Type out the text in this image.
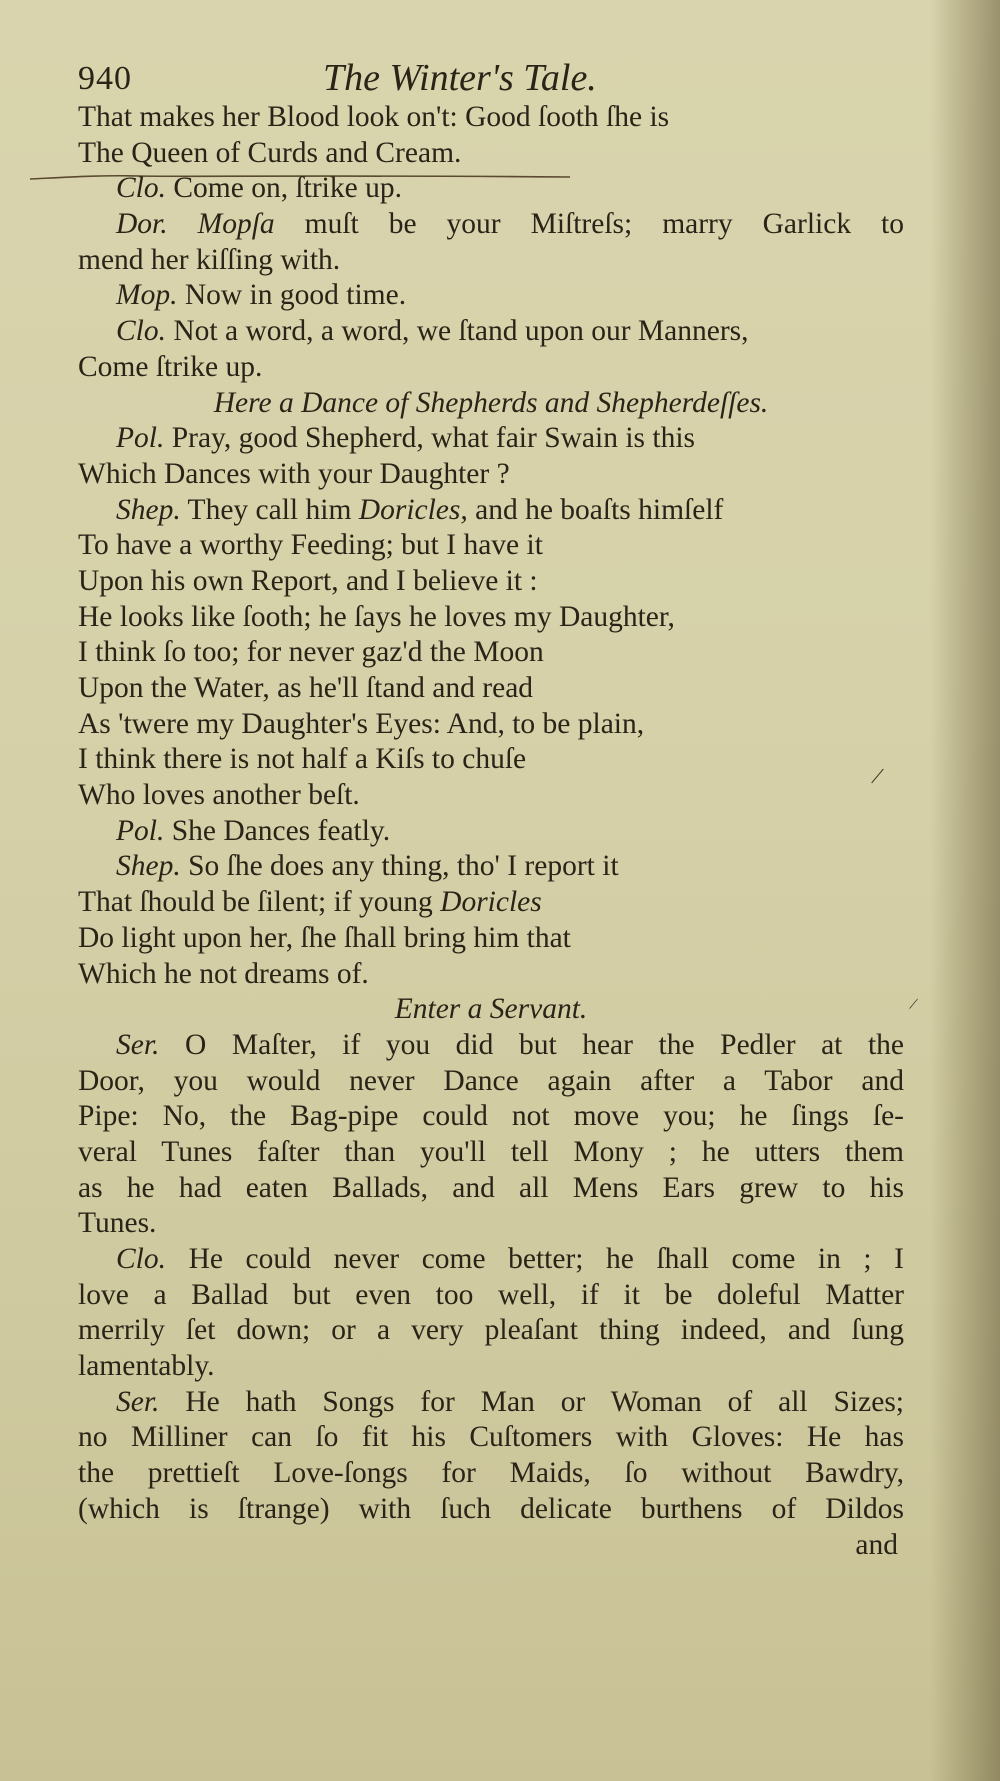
940	The Winter's Tale.
That makes her Blood look on't: Good ſooth ſhe is
The Queen of Curds and Cream.
Clo. Come on, ſtrike up.
Dor. Mopſa muſt be your Miſtreſs; marry Garlick to
mend her kiſſing with.
Mop. Now in good time.
Clo. Not a word, a word, we ſtand upon our Manners,
Come ſtrike up.
Here a Dance of Shepherds and Shepherdeſſes.
Pol. Pray, good Shepherd, what fair Swain is this
Which Dances with your Daughter ?
Shep. They call him Doricles, and he boaſts himſelf
To have a worthy Feeding; but I have it
Upon his own Report, and I believe it :
He looks like ſooth; he ſays he loves my Daughter,
I think ſo too; for never gaz'd the Moon
Upon the Water, as he'll ſtand and read
As 'twere my Daughter's Eyes: And, to be plain,
I think there is not half a Kiſs to chuſe
Who loves another beſt.
Pol. She Dances featly.
Shep. So ſhe does any thing, tho' I report it
That ſhould be ſilent; if young Doricles
Do light upon her, ſhe ſhall bring him that
Which he not dreams of.
Enter a Servant.
Ser. O Maſter, if you did but hear the Pedler at the
Door, you would never Dance again after a Tabor and
Pipe: No, the Bag-pipe could not move you; he ſings ſe-
veral Tunes faſter than you'll tell Mony ; he utters them
as he had eaten Ballads, and all Mens Ears grew to his
Tunes.
Clo. He could never come better; he ſhall come in ; I
love a Ballad but even too well, if it be doleful Matter
merrily ſet down; or a very pleaſant thing indeed, and ſung
lamentably.
Ser. He hath Songs for Man or Woman of all Sizes;
no Milliner can ſo fit his Cuſtomers with Gloves: He has
the prettieſt Love-ſongs for Maids, ſo without Bawdry,
(which is ſtrange) with ſuch delicate burthens of Dildos
and
|
|
